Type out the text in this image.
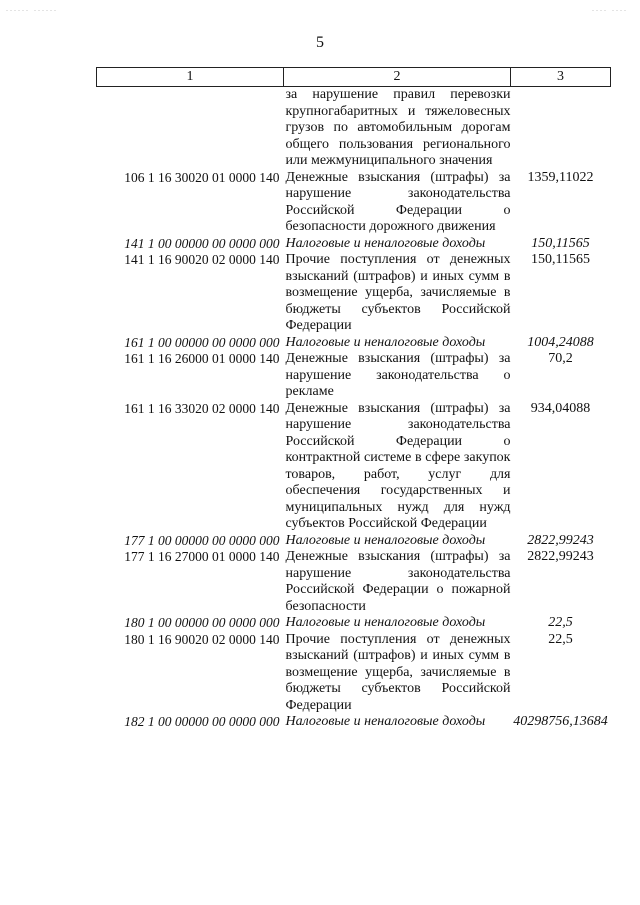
...... ......	.... ....
5
1	2	3
	за нарушение правил перевозки крупногабаритных и тяжеловесных грузов по автомобильным дорогам общего пользования регионального или межмуниципального значения	
106 1 16 30020 01 0000 140	Денежные взыскания (штрафы) за нарушение законодательства Российской Федерации о безопасности дорожного движения	1359,11022
141 1 00 00000 00 0000 000	Налоговые и неналоговые доходы	150,11565
141 1 16 90020 02 0000 140	Прочие поступления от денежных взысканий (штрафов) и иных сумм в возмещение ущерба, зачисляемые в бюджеты субъектов Российской Федерации	150,11565
161 1 00 00000 00 0000 000	Налоговые и неналоговые доходы	1004,24088
161 1 16 26000 01 0000 140	Денежные взыскания (штрафы) за нарушение законодательства о рекламе	70,2
161 1 16 33020 02 0000 140	Денежные взыскания (штрафы) за нарушение законодательства Российской Федерации о контрактной системе в сфере закупок товаров, работ, услуг для обеспечения государственных и муниципальных нужд для нужд субъектов Российской Федерации	934,04088
177 1 00 00000 00 0000 000	Налоговые и неналоговые доходы	2822,99243
177 1 16 27000 01 0000 140	Денежные взыскания (штрафы) за нарушение законодательства Российской Федерации о пожарной безопасности	2822,99243
180 1 00 00000 00 0000 000	Налоговые и неналоговые доходы	22,5
180 1 16 90020 02 0000 140	Прочие поступления от денежных взысканий (штрафов) и иных сумм в возмещение ущерба, зачисляемые в бюджеты субъектов Российской Федерации	22,5
182 1 00 00000 00 0000 000	Налоговые и неналоговые доходы	40298756,13684
